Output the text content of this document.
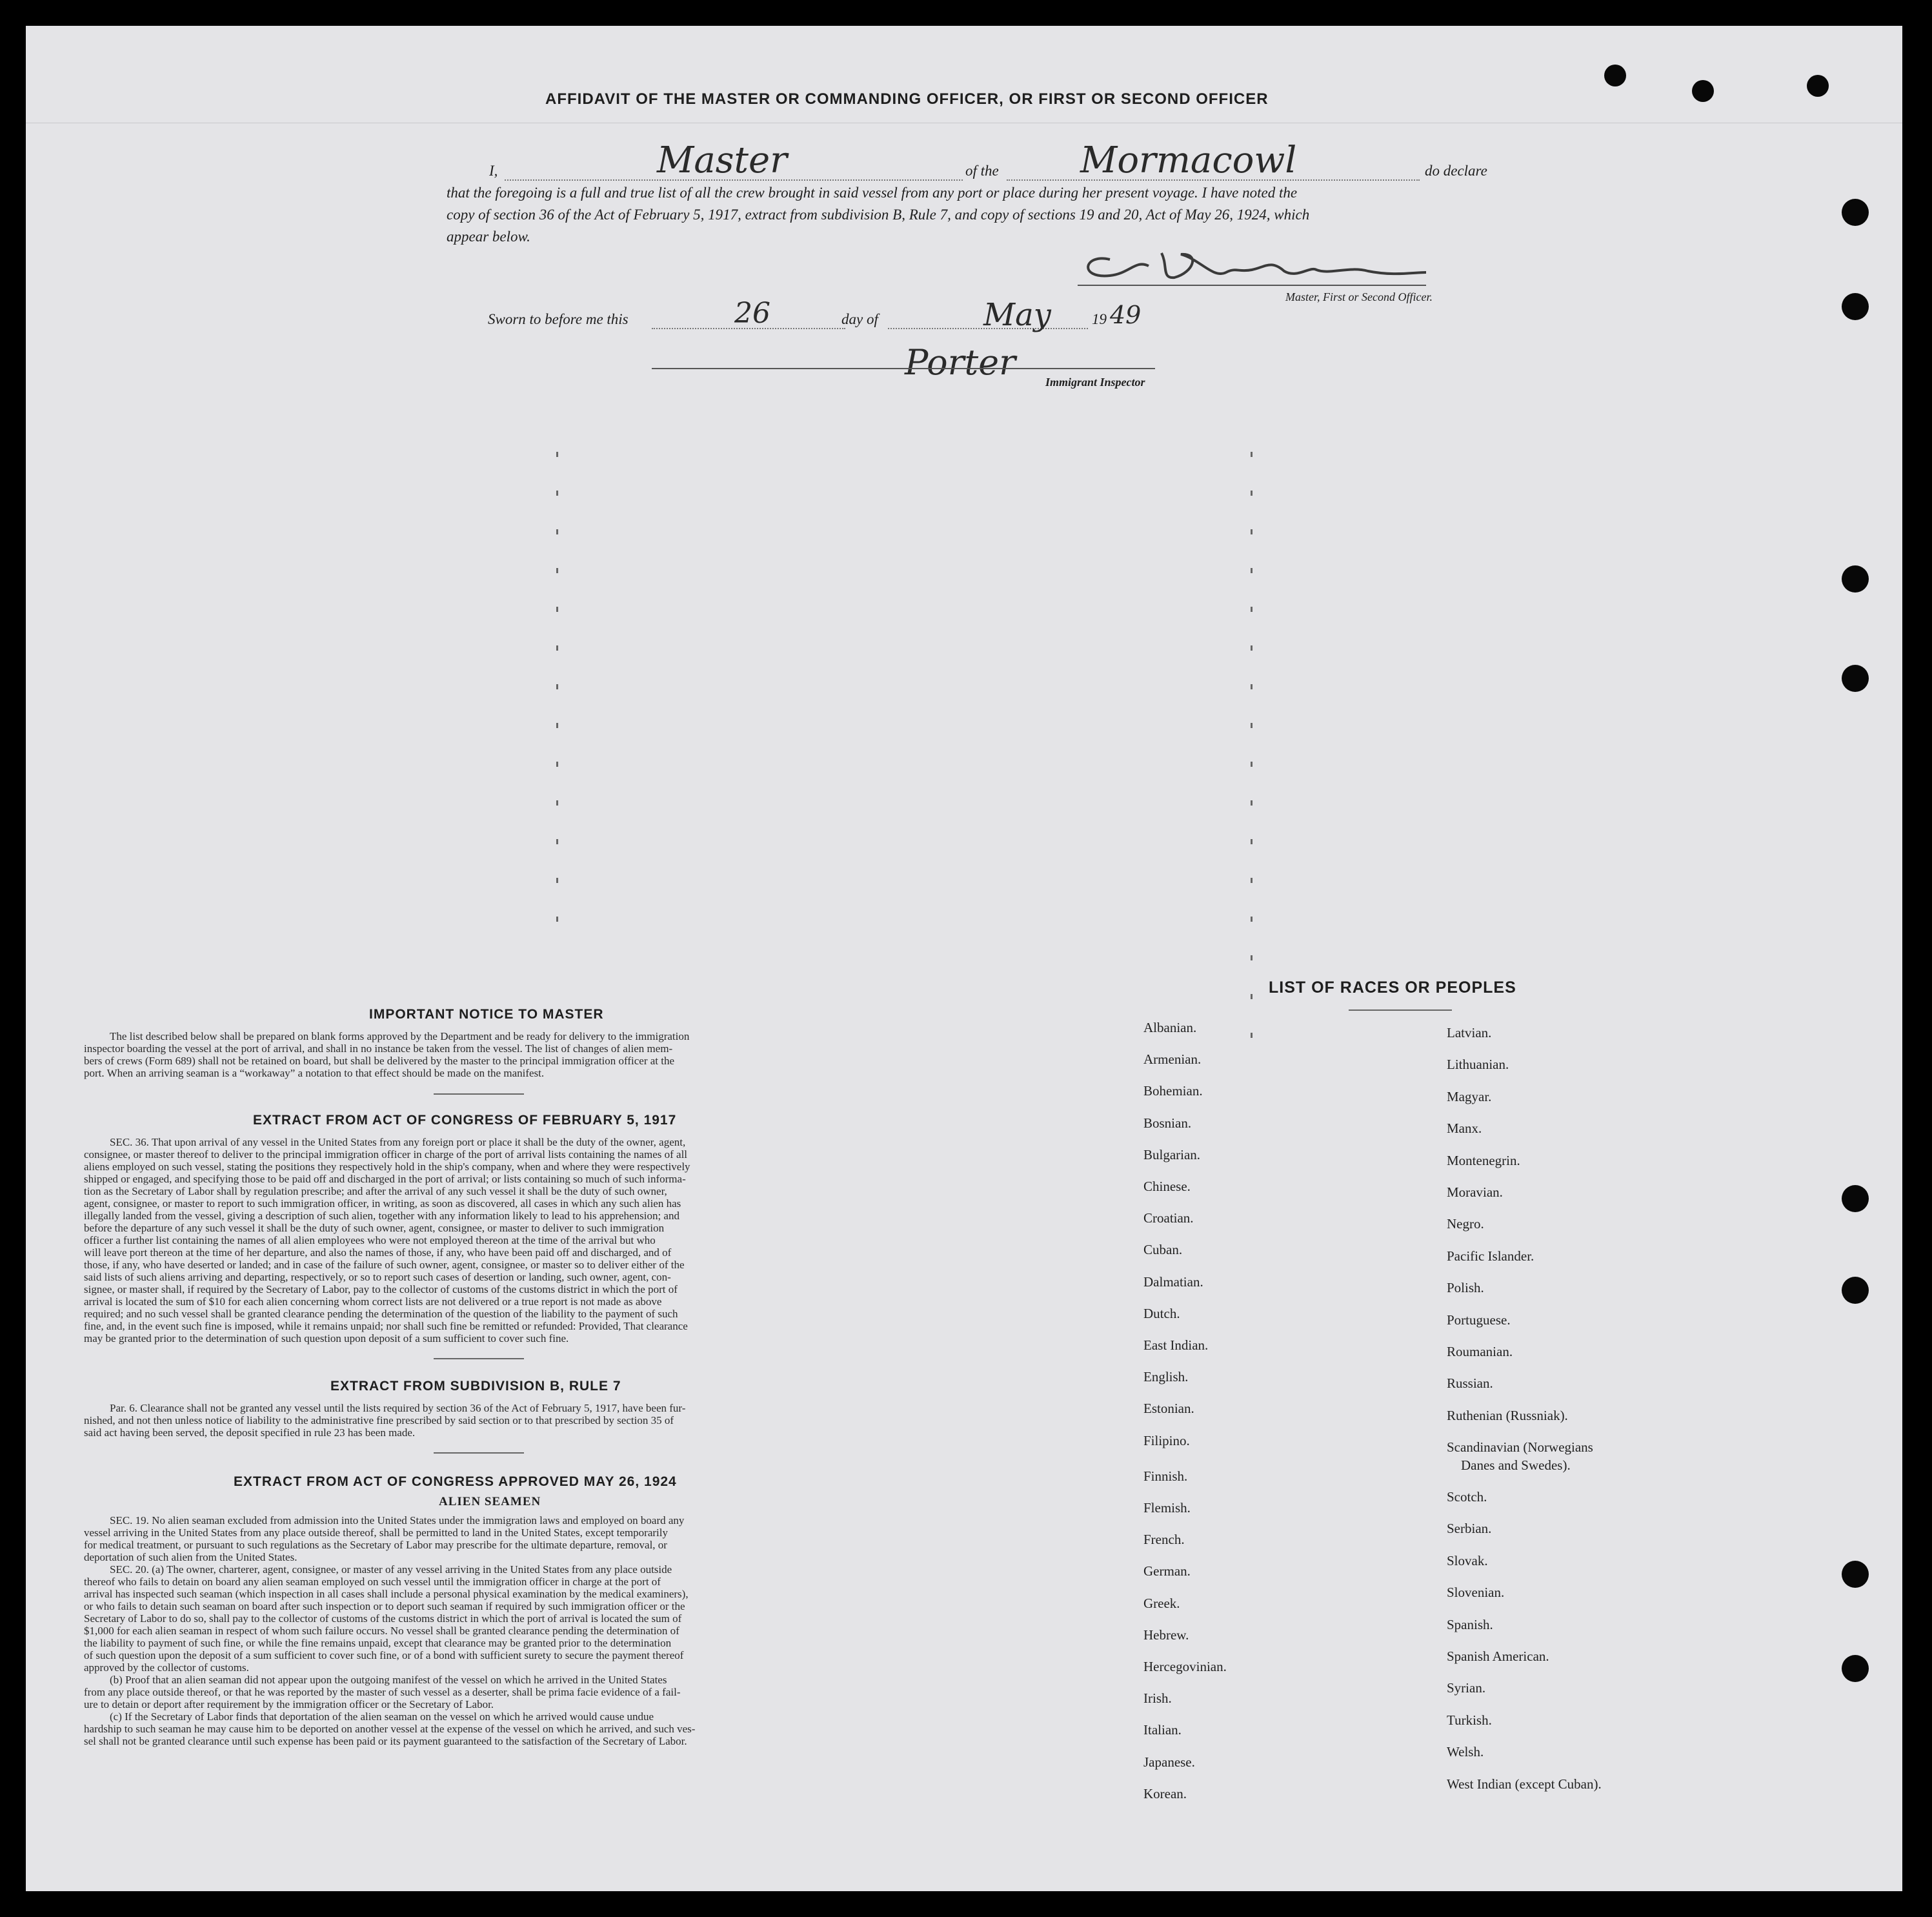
AFFIDAVIT OF THE MASTER OR COMMANDING OFFICER, OR FIRST OR SECOND OFFICER
I,	Master	of the Mormacowl	do declare
that the foregoing is a full and true list of all the crew brought in said vessel from any port or place during her present voyage. I have noted the
copy of section 36 of the Act of February 5, 1917, extract from subdivision B, Rule 7, and copy of sections 19 and 20, Act of May 26, 1924, which
appear below.
Master, First or Second Officer.
Sworn to before me this	26	day of	May	19 49
Porter	Immigrant Inspector
IMPORTANT NOTICE TO MASTER
The list described below shall be prepared on blank forms approved by the Department and be ready for delivery to the immigration
inspector boarding the vessel at the port of arrival, and shall in no instance be taken from the vessel. The list of changes of alien mem-
bers of crews (Form 689) shall not be retained on board, but shall be delivered by the master to the principal immigration officer at the
port. When an arriving seaman is a “workaway” a notation to that effect should be made on the manifest.
EXTRACT FROM ACT OF CONGRESS OF FEBRUARY 5, 1917
SEC. 36. That upon arrival of any vessel in the United States from any foreign port or place it shall be the duty of the owner, agent,
consignee, or master thereof to deliver to the principal immigration officer in charge of the port of arrival lists containing the names of all
aliens employed on such vessel, stating the positions they respectively hold in the ship's company, when and where they were respectively
shipped or engaged, and specifying those to be paid off and discharged in the port of arrival; or lists containing so much of such informa-
tion as the Secretary of Labor shall by regulation prescribe; and after the arrival of any such vessel it shall be the duty of such owner,
agent, consignee, or master to report to such immigration officer, in writing, as soon as discovered, all cases in which any such alien has
illegally landed from the vessel, giving a description of such alien, together with any information likely to lead to his apprehension; and
before the departure of any such vessel it shall be the duty of such owner, agent, consignee, or master to deliver to such immigration
officer a further list containing the names of all alien employees who were not employed thereon at the time of the arrival but who
will leave port thereon at the time of her departure, and also the names of those, if any, who have been paid off and discharged, and of
those, if any, who have deserted or landed; and in case of the failure of such owner, agent, consignee, or master so to deliver either of the
said lists of such aliens arriving and departing, respectively, or so to report such cases of desertion or landing, such owner, agent, con-
signee, or master shall, if required by the Secretary of Labor, pay to the collector of customs of the customs district in which the port of
arrival is located the sum of $10 for each alien concerning whom correct lists are not delivered or a true report is not made as above
required; and no such vessel shall be granted clearance pending the determination of the question of the liability to the payment of such
fine, and, in the event such fine is imposed, while it remains unpaid; nor shall such fine be remitted or refunded: Provided, That clearance
may be granted prior to the determination of such question upon deposit of a sum sufficient to cover such fine.
EXTRACT FROM SUBDIVISION B, RULE 7
Par. 6. Clearance shall not be granted any vessel until the lists required by section 36 of the Act of February 5, 1917, have been fur-
nished, and not then unless notice of liability to the administrative fine prescribed by said section or to that prescribed by section 35 of
said act having been served, the deposit specified in rule 23 has been made.
EXTRACT FROM ACT OF CONGRESS APPROVED MAY 26, 1924
ALIEN SEAMEN
SEC. 19. No alien seaman excluded from admission into the United States under the immigration laws and employed on board any
vessel arriving in the United States from any place outside thereof, shall be permitted to land in the United States, except temporarily
for medical treatment, or pursuant to such regulations as the Secretary of Labor may prescribe for the ultimate departure, removal, or
deportation of such alien from the United States.
SEC. 20. (a) The owner, charterer, agent, consignee, or master of any vessel arriving in the United States from any place outside
thereof who fails to detain on board any alien seaman employed on such vessel until the immigration officer in charge at the port of
arrival has inspected such seaman (which inspection in all cases shall include a personal physical examination by the medical examiners),
or who fails to detain such seaman on board after such inspection or to deport such seaman if required by such immigration officer or the
Secretary of Labor to do so, shall pay to the collector of customs of the customs district in which the port of arrival is located the sum of
$1,000 for each alien seaman in respect of whom such failure occurs. No vessel shall be granted clearance pending the determination of
the liability to payment of such fine, or while the fine remains unpaid, except that clearance may be granted prior to the determination
of such question upon the deposit of a sum sufficient to cover such fine, or of a bond with sufficient surety to secure the payment thereof
approved by the collector of customs.
(b) Proof that an alien seaman did not appear upon the outgoing manifest of the vessel on which he arrived in the United States
from any place outside thereof, or that he was reported by the master of such vessel as a deserter, shall be prima facie evidence of a fail-
ure to detain or deport after requirement by the immigration officer or the Secretary of Labor.
(c) If the Secretary of Labor finds that deportation of the alien seaman on the vessel on which he arrived would cause undue
hardship to such seaman he may cause him to be deported on another vessel at the expense of the vessel on which he arrived, and such ves-
sel shall not be granted clearance until such expense has been paid or its payment guaranteed to the satisfaction of the Secretary of Labor.
LIST OF RACES OR PEOPLES
Albanian.
Armenian.
Bohemian.
Bosnian.
Bulgarian.
Chinese.
Croatian.
Cuban.
Dalmatian.
Dutch.
East Indian.
English.
Estonian.
Filipino.
Finnish.
Flemish.
French.
German.
Greek.
Hebrew.
Hercegovinian.
Irish.
Italian.
Japanese.
Korean.
Latvian.
Lithuanian.
Magyar.
Manx.
Montenegrin.
Moravian.
Negro.
Pacific Islander.
Polish.
Portuguese.
Roumanian.
Russian.
Ruthenian (Russniak).
Scandinavian (Norwegians
Danes and Swedes).
Scotch.
Serbian.
Slovak.
Slovenian.
Spanish.
Spanish American.
Syrian.
Turkish.
Welsh.
West Indian (except Cuban).
